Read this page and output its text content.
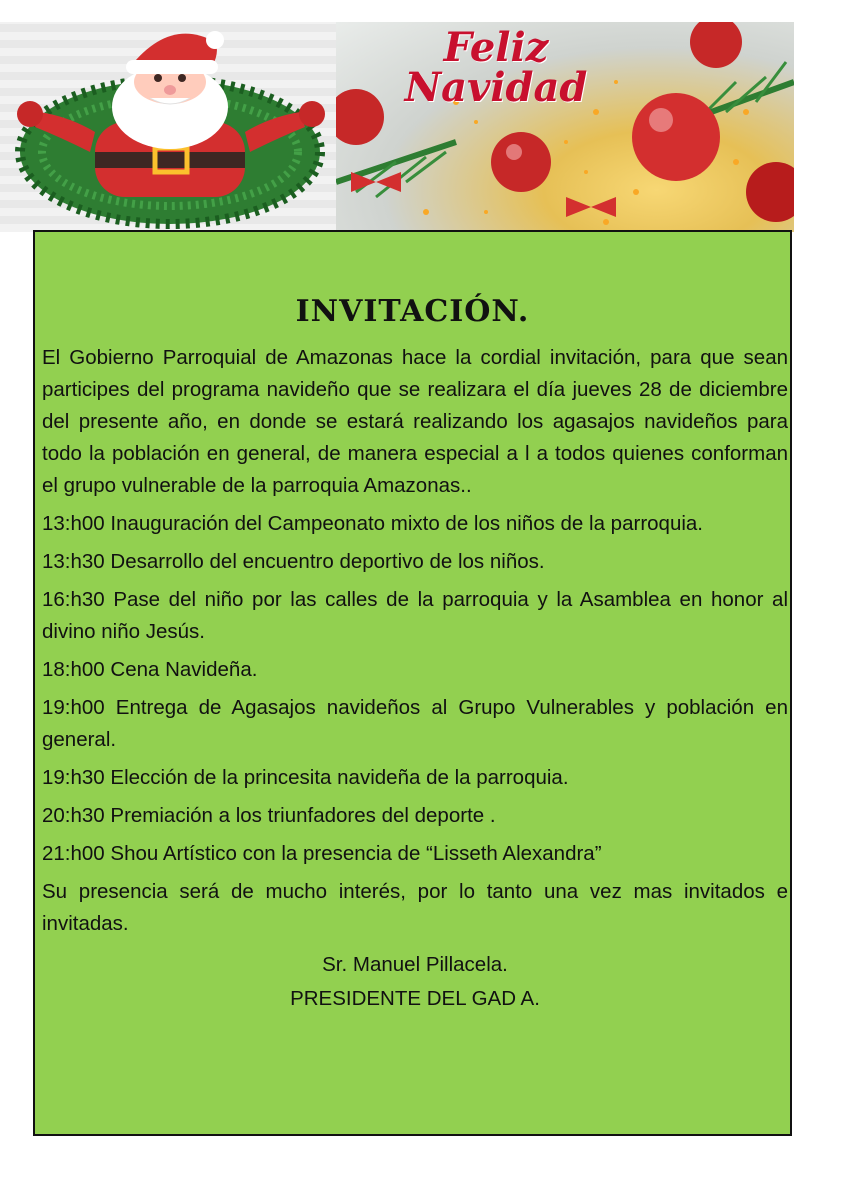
Feliz Navidad
INVITACIÓN.

El Gobierno Parroquial de Amazonas hace la cordial invitación, para que sean participes del programa navideño que se realizara el día jueves 28 de diciembre del presente año, en donde se estará realizando los agasajos navideños para todo la población en general, de manera especial a l a todos quienes conforman el grupo vulnerable de la parroquia Amazonas..

13:h00 Inauguración del Campeonato mixto de los niños de la parroquia.

13:h30 Desarrollo del encuentro deportivo de los niños.

16:h30 Pase del niño por las calles de la parroquia y la Asamblea en honor al divino niño Jesús.

18:h00 Cena Navideña.

19:h00 Entrega de Agasajos navideños al Grupo Vulnerables y población en general.

19:h30 Elección de la princesita navideña de la parroquia.

20:h30 Premiación a los triunfadores del deporte .

21:h00 Shou Artístico con la presencia de “Lisseth Alexandra”

Su presencia será de mucho interés, por lo tanto una vez mas invitados e invitadas.

Sr. Manuel Pillacela.
PRESIDENTE DEL GAD A.
